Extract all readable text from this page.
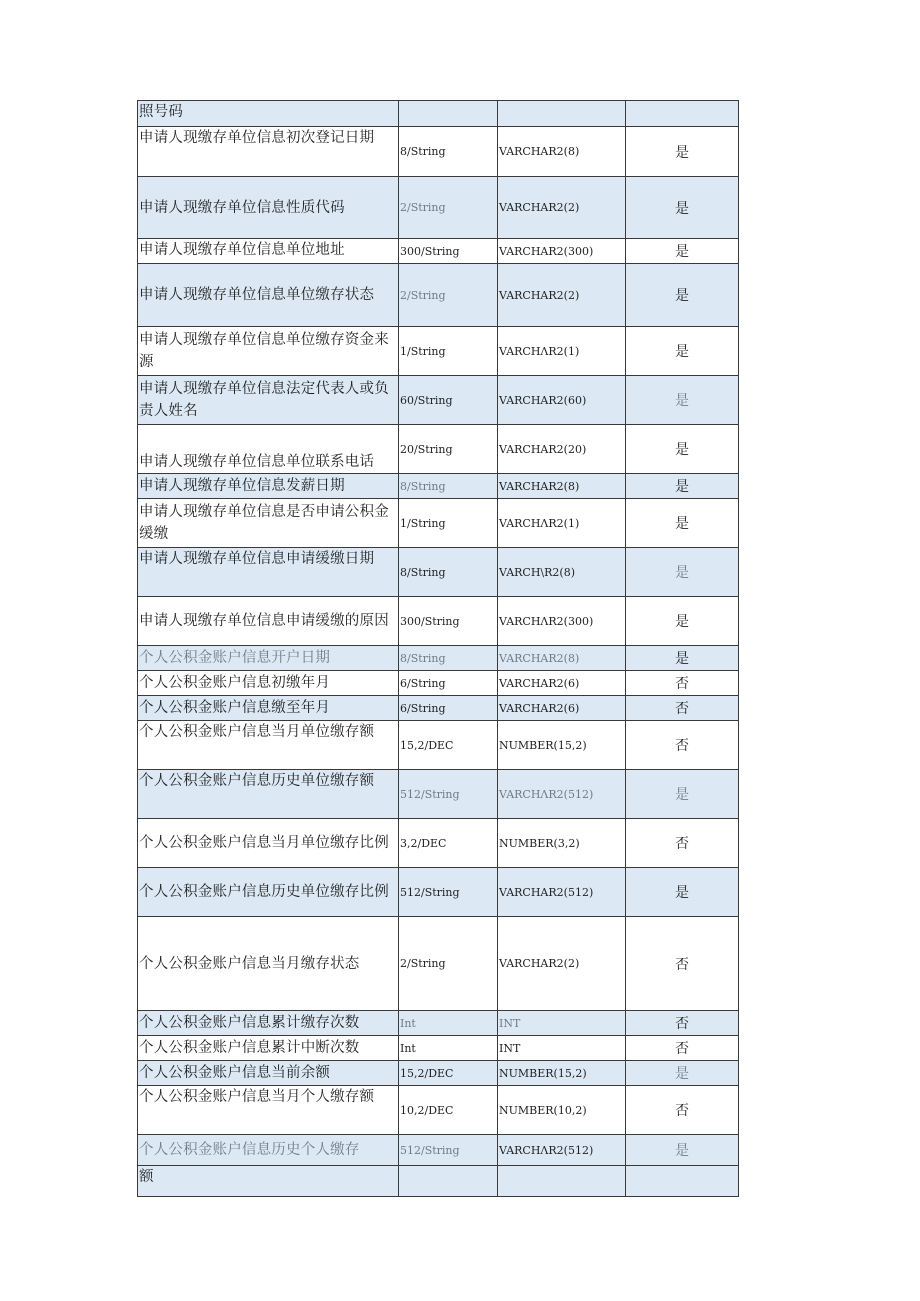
照号码			
申请人现缴存单位信息初次登记日期	8/String	VARCHAR2(8)	是
申请人现缴存单位信息性质代码	2/String	VARCHAR2(2)	是
申请人现缴存单位信息单位地址	300/String	VARCHAR2(300)	是
申请人现缴存单位信息单位缴存状态	2/String	VARCHAR2(2)	是
申请人现缴存单位信息单位缴存资金来源	1/String	VARCHΛR2(1)	是
申请人现缴存单位信息法定代表人或负责人姓名	60/String	VARCHAR2(60)	是
申请人现缴存单位信息单位联系电话	20/String	VARCHAR2(20)	是
申请人现缴存单位信息发薪日期	8/String	VARCHAR2(8)	是
申请人现缴存单位信息是否申请公积金缓缴	1/String	VARCHΛR2(1)	是
申请人现缴存单位信息申请缓缴日期	8/String	VARCH\R2(8)	是
申请人现缴存单位信息申请缓缴的原因	300/String	VARCHΛR2(300)	是
个人公积金账户信息开户日期	8/String	VARCHAR2(8)	是
个人公积金账户信息初缴年月	6/String	VARCHAR2(6)	否
个人公积金账户信息缴至年月	6/String	VARCHAR2(6)	否
个人公积金账户信息当月单位缴存额	15,2/DEC	NUMBER(15,2)	否
个人公积金账户信息历史单位缴存额	512/String	VARCHΛR2(512)	是
个人公积金账户信息当月单位缴存比例	3,2/DEC	NUMBER(3,2)	否
个人公积金账户信息历史单位缴存比例	512/String	VARCHAR2(512)	是
个人公积金账户信息当月缴存状态	2/String	VARCHAR2(2)	否
个人公积金账户信息累计缴存次数	Int	INT	否
个人公积金账户信息累计中断次数	Int	INT	否
个人公积金账户信息当前余额	15,2/DEC	NUMBER(15,2)	是
个人公积金账户信息当月个人缴存额	10,2/DEC	NUMBER(10,2)	否
个人公积金账户信息历史个人缴存	512/String	VARCHΛR2(512)	是
额			
